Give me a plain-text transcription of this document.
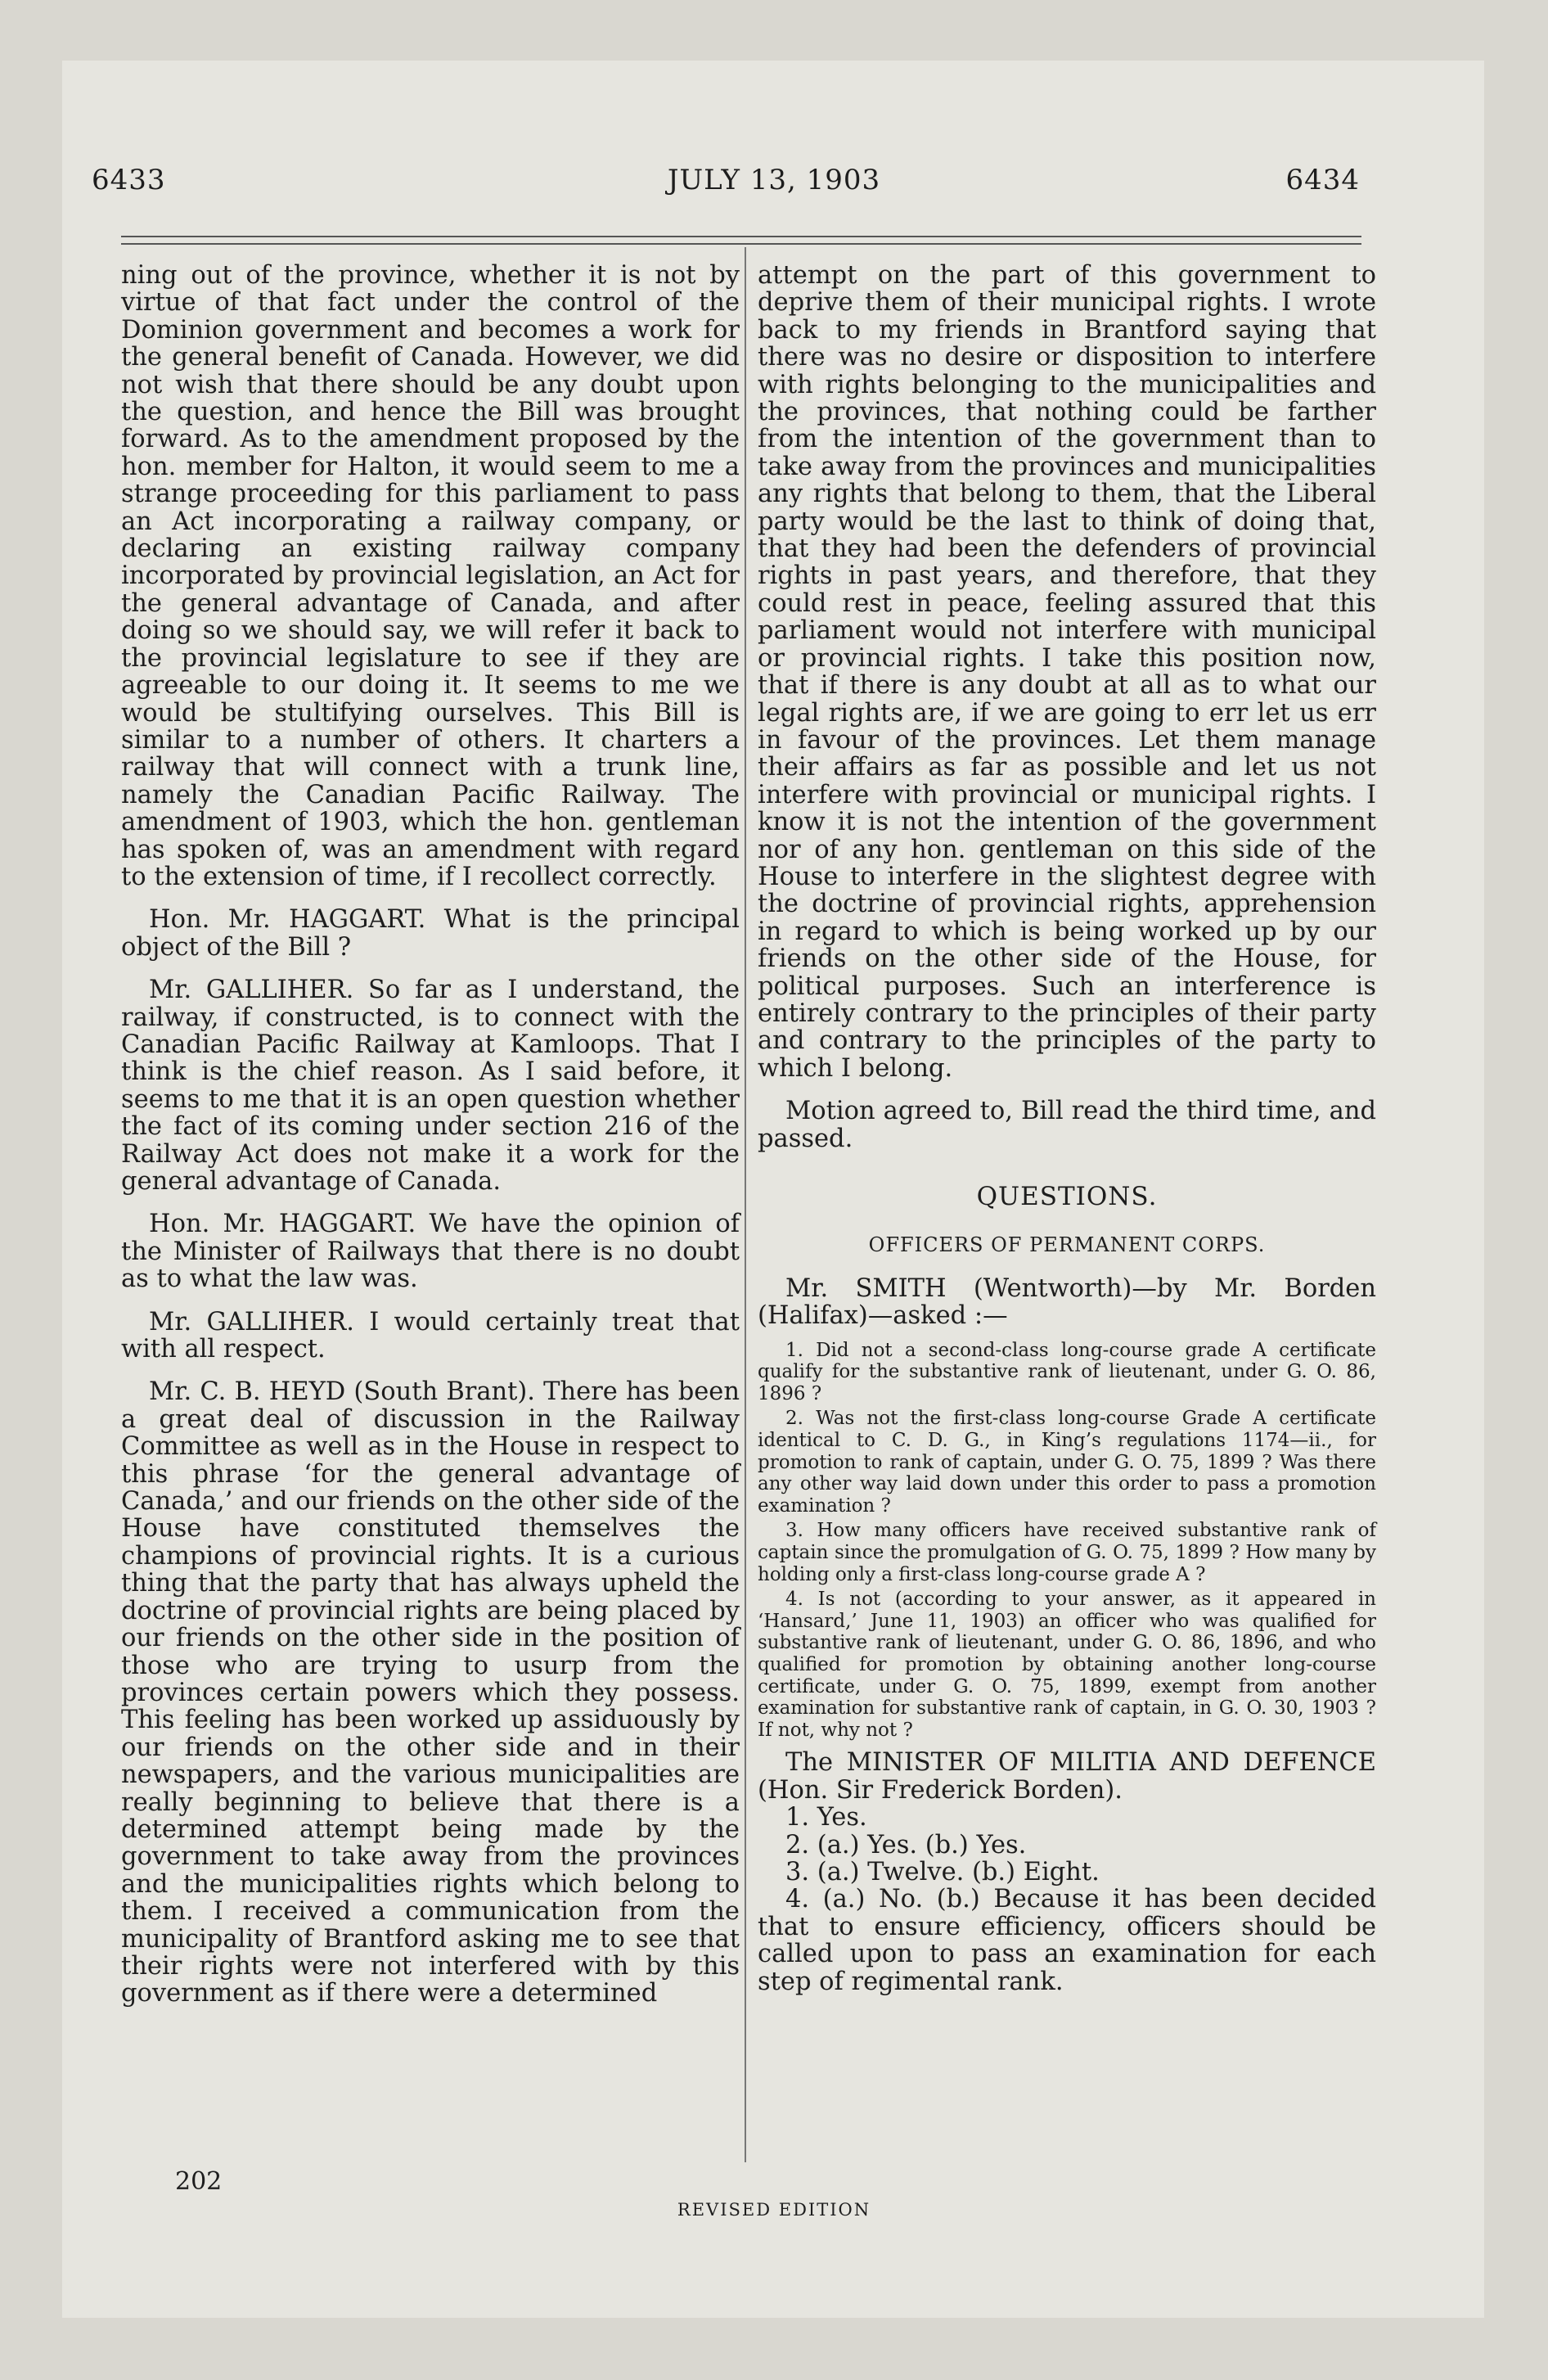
6433	JULY 13, 1903	6434

ning out of the province, whether it is not by virtue of that fact under the control of the Dominion government and becomes a work for the general benefit of Canada. However, we did not wish that there should be any doubt upon the question, and hence the Bill was brought forward. As to the amendment proposed by the hon. member for Halton, it would seem to me a strange proceeding for this parliament to pass an Act incorporating a railway company, or declaring an existing railway company incorporated by provincial legislation, an Act for the general advantage of Canada, and after doing so we should say, we will refer it back to the provincial legislature to see if they are agreeable to our doing it. It seems to me we would be stultifying ourselves. This Bill is similar to a number of others. It charters a railway that will connect with a trunk line, namely the Canadian Pacific Railway. The amendment of 1903, which the hon. gentleman has spoken of, was an amendment with regard to the extension of time, if I recollect correctly.

Hon. Mr. HAGGART. What is the principal object of the Bill ?

Mr. GALLIHER. So far as I understand, the railway, if constructed, is to connect with the Canadian Pacific Railway at Kamloops. That I think is the chief reason. As I said before, it seems to me that it is an open question whether the fact of its coming under section 216 of the Railway Act does not make it a work for the general advantage of Canada.

Hon. Mr. HAGGART. We have the opinion of the Minister of Railways that there is no doubt as to what the law was.

Mr. GALLIHER. I would certainly treat that with all respect.

Mr. C. B. HEYD (South Brant). There has been a great deal of discussion in the Railway Committee as well as in the House in respect to this phrase ‘for the general advantage of Canada,’ and our friends on the other side of the House have constituted themselves the champions of provincial rights. It is a curious thing that the party that has always upheld the doctrine of provincial rights are being placed by our friends on the other side in the position of those who are trying to usurp from the provinces certain powers which they possess. This feeling has been worked up assiduously by our friends on the other side and in their newspapers, and the various municipalities are really beginning to believe that there is a determined attempt being made by the government to take away from the provinces and the municipalities rights which belong to them. I received a communication from the municipality of Brantford asking me to see that their rights were not interfered with by this government as if there were a determined

attempt on the part of this government to deprive them of their municipal rights. I wrote back to my friends in Brantford saying that there was no desire or disposition to interfere with rights belonging to the municipalities and the provinces, that nothing could be farther from the intention of the government than to take away from the provinces and municipalities any rights that belong to them, that the Liberal party would be the last to think of doing that, that they had been the defenders of provincial rights in past years, and therefore, that they could rest in peace, feeling assured that this parliament would not interfere with municipal or provincial rights. I take this position now, that if there is any doubt at all as to what our legal rights are, if we are going to err let us err in favour of the provinces. Let them manage their affairs as far as possible and let us not interfere with provincial or municipal rights. I know it is not the intention of the government nor of any hon. gentleman on this side of the House to interfere in the slightest degree with the doctrine of provincial rights, apprehension in regard to which is being worked up by our friends on the other side of the House, for political purposes. Such an interference is entirely contrary to the principles of their party and contrary to the principles of the party to which I belong.

Motion agreed to, Bill read the third time, and passed.

QUESTIONS.

OFFICERS OF PERMANENT CORPS.

Mr. SMITH (Wentworth)—by Mr. Borden (Halifax)—asked :—

1. Did not a second-class long-course grade A certificate qualify for the substantive rank of lieutenant, under G. O. 86, 1896 ?

2. Was not the first-class long-course Grade A certificate identical to C. D. G., in King’s regulations 1174—ii., for promotion to rank of captain, under G. O. 75, 1899 ? Was there any other way laid down under this order to pass a promotion examination ?

3. How many officers have received substantive rank of captain since the promulgation of G. O. 75, 1899 ? How many by holding only a first-class long-course grade A ?

4. Is not (according to your answer, as it appeared in ‘Hansard,’ June 11, 1903) an officer who was qualified for substantive rank of lieutenant, under G. O. 86, 1896, and who qualified for promotion by obtaining another long-course certificate, under G. O. 75, 1899, exempt from another examination for substantive rank of captain, in G. O. 30, 1903 ? If not, why not ?

The MINISTER OF MILITIA AND DEFENCE (Hon. Sir Frederick Borden).

1. Yes.

2. (a.) Yes. (b.) Yes.

3. (a.) Twelve. (b.) Eight.

4. (a.) No. (b.) Because it has been decided that to ensure efficiency, officers should be called upon to pass an examination for each step of regimental rank.

202
REVISED EDITION
